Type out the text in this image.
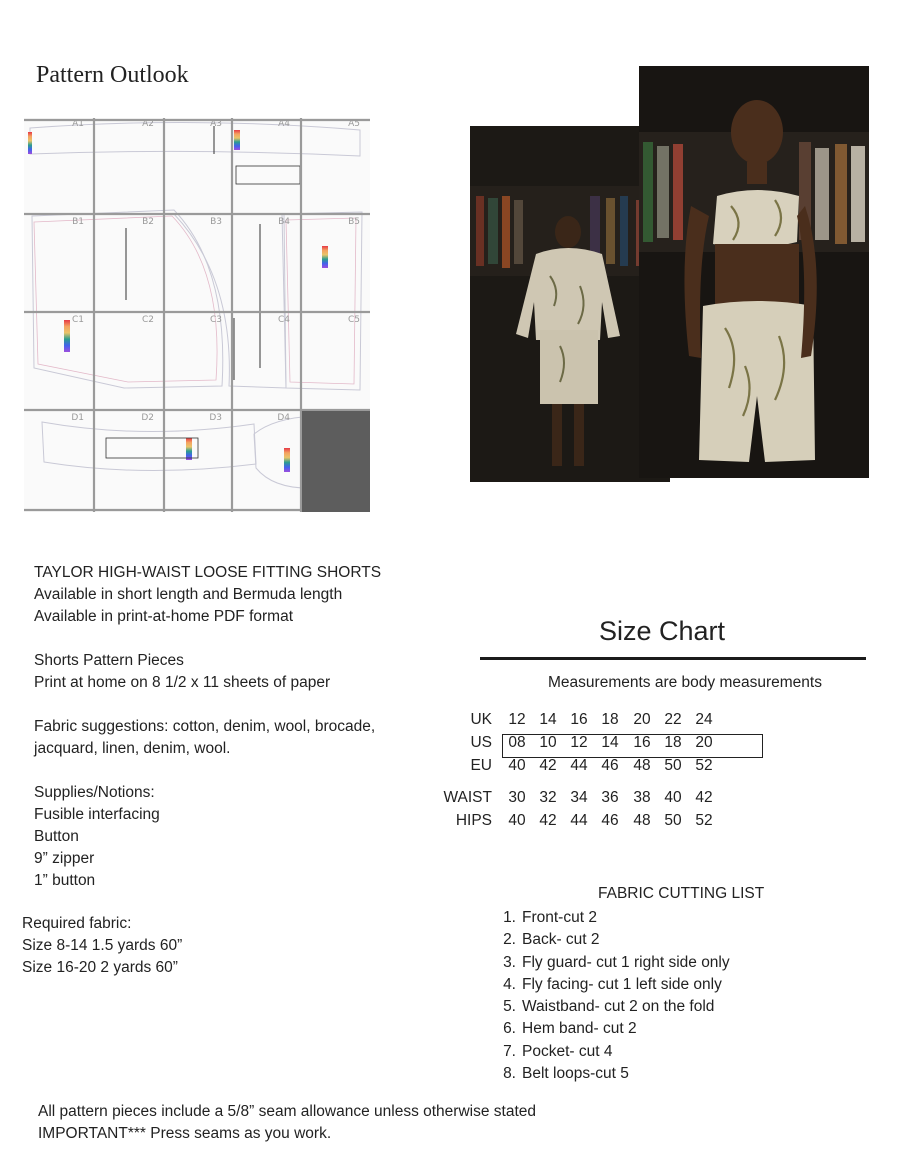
Pattern Outlook
A1	A2	A3	A4	A5
B1	B2	B3	B4	B5
C1	C2	C3	C4	C5
D1	D2	D3	D4
TAYLOR HIGH-WAIST LOOSE FITTING SHORTS
Available in short length and Bermuda length
Available in print-at-home PDF format
Shorts Pattern Pieces
Print at home on 8 1/2 x 11 sheets of paper
Fabric suggestions: cotton, denim, wool, brocade,
jacquard, linen, denim, wool.
Supplies/Notions:
Fusible interfacing
Button
9” zipper
1” button
Required fabric:
Size 8-14 1.5 yards 60”
Size 16-20 2 yards 60”
Size Chart
Measurements are body measurements
UK	12 14 16 18 20 22 24
US	08 10 12 14 16 18 20
EU	40 42 44 46 48 50 52
WAIST	30 32 34 36 38 40 42
HIPS	40 42 44 46 48 50 52
FABRIC CUTTING LIST
1. Front-cut 2
2. Back- cut 2
3. Fly guard- cut 1 right side only
4. Fly facing- cut 1 left side only
5. Waistband- cut 2 on the fold
6. Hem band- cut 2
7. Pocket- cut 4
8. Belt loops-cut 5
All pattern pieces include a 5/8” seam allowance unless otherwise stated
IMPORTANT*** Press seams as you work.
